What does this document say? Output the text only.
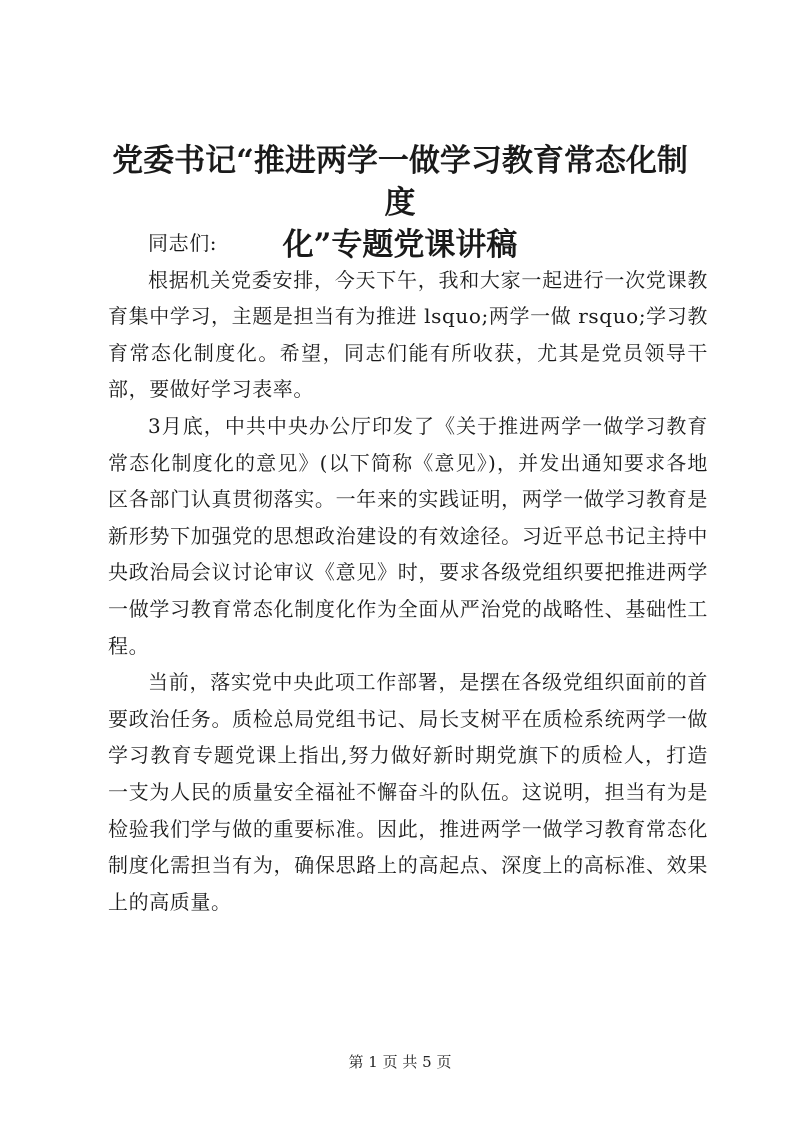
党委书记“推进两学一做学习教育常态化制度
化”专题党课讲稿

同志们:

根据机关党委安排，今天下午，我和大家一起进行一次党课教育集中学习，主题是担当有为推进 lsquo;两学一做 rsquo;学习教育常态化制度化。希望，同志们能有所收获，尤其是党员领导干部，要做好学习表率。

3月底，中共中央办公厅印发了《关于推进两学一做学习教育常态化制度化的意见》(以下简称《意见》)，并发出通知要求各地区各部门认真贯彻落实。一年来的实践证明，两学一做学习教育是新形势下加强党的思想政治建设的有效途径。习近平总书记主持中央政治局会议讨论审议《意见》时，要求各级党组织要把推进两学一做学习教育常态化制度化作为全面从严治党的战略性、基础性工程。

当前，落实党中央此项工作部署，是摆在各级党组织面前的首要政治任务。质检总局党组书记、局长支树平在质检系统两学一做学习教育专题党课上指出,努力做好新时期党旗下的质检人，打造一支为人民的质量安全福祉不懈奋斗的队伍。这说明，担当有为是检验我们学与做的重要标准。因此，推进两学一做学习教育常态化制度化需担当有为，确保思路上的高起点、深度上的高标准、效果上的高质量。

第 1 页 共 5 页
